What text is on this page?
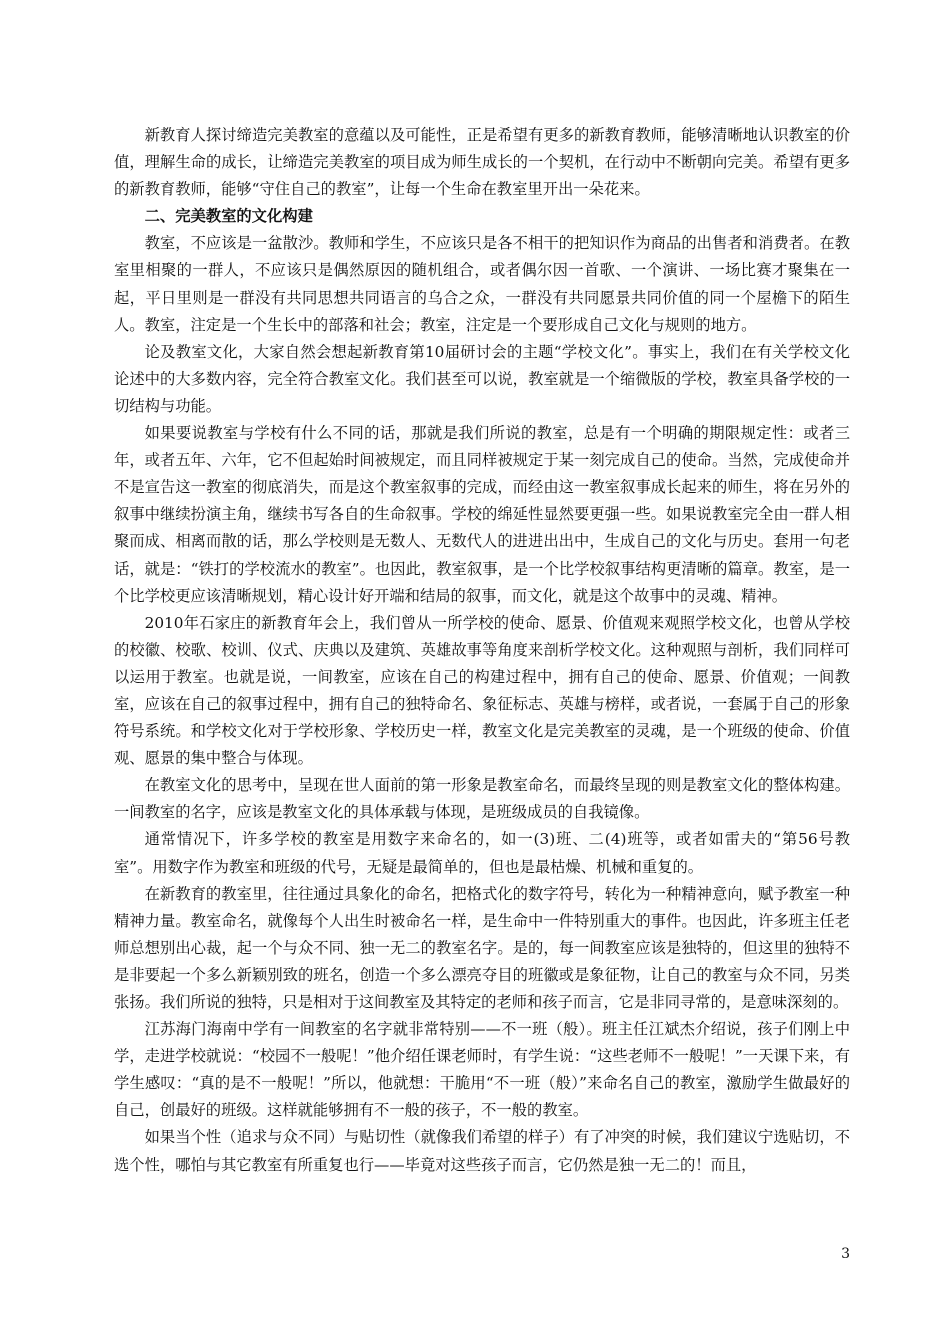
新教育人探讨缔造完美教室的意蕴以及可能性，正是希望有更多的新教育教师，能够清晰地认识教室的价值，理解生命的成长，让缔造完美教室的项目成为师生成长的一个契机，在行动中不断朝向完美。希望有更多的新教育教师，能够“守住自己的教室”，让每一个生命在教室里开出一朵花来。

二、完美教室的文化构建

教室，不应该是一盆散沙。教师和学生，不应该只是各不相干的把知识作为商品的出售者和消费者。在教室里相聚的一群人，不应该只是偶然原因的随机组合，或者偶尔因一首歌、一个演讲、一场比赛才聚集在一起，平日里则是一群没有共同思想共同语言的乌合之众，一群没有共同愿景共同价值的同一个屋檐下的陌生人。教室，注定是一个生长中的部落和社会；教室，注定是一个要形成自己文化与规则的地方。

论及教室文化，大家自然会想起新教育第10届研讨会的主题“学校文化”。事实上，我们在有关学校文化论述中的大多数内容，完全符合教室文化。我们甚至可以说，教室就是一个缩微版的学校，教室具备学校的一切结构与功能。

如果要说教室与学校有什么不同的话，那就是我们所说的教室，总是有一个明确的期限规定性：或者三年，或者五年、六年，它不但起始时间被规定，而且同样被规定于某一刻完成自己的使命。当然，完成使命并不是宣告这一教室的彻底消失，而是这个教室叙事的完成，而经由这一教室叙事成长起来的师生，将在另外的叙事中继续扮演主角，继续书写各自的生命叙事。学校的绵延性显然要更强一些。如果说教室完全由一群人相聚而成、相离而散的话，那么学校则是无数人、无数代人的进进出出中，生成自己的文化与历史。套用一句老话，就是：“铁打的学校流水的教室”。也因此，教室叙事，是一个比学校叙事结构更清晰的篇章。教室，是一个比学校更应该清晰规划，精心设计好开端和结局的叙事，而文化，就是这个故事中的灵魂、精神。

2010年石家庄的新教育年会上，我们曾从一所学校的使命、愿景、价值观来观照学校文化，也曾从学校的校徽、校歌、校训、仪式、庆典以及建筑、英雄故事等角度来剖析学校文化。这种观照与剖析，我们同样可以运用于教室。也就是说，一间教室，应该在自己的构建过程中，拥有自己的使命、愿景、价值观；一间教室，应该在自己的叙事过程中，拥有自己的独特命名、象征标志、英雄与榜样，或者说，一套属于自己的形象符号系统。和学校文化对于学校形象、学校历史一样，教室文化是完美教室的灵魂，是一个班级的使命、价值观、愿景的集中整合与体现。

在教室文化的思考中，呈现在世人面前的第一形象是教室命名，而最终呈现的则是教室文化的整体构建。一间教室的名字，应该是教室文化的具体承载与体现，是班级成员的自我镜像。

通常情况下，许多学校的教室是用数字来命名的，如一(3)班、二(4)班等，或者如雷夫的“第56号教室”。用数字作为教室和班级的代号，无疑是最简单的，但也是最枯燥、机械和重复的。

在新教育的教室里，往往通过具象化的命名，把格式化的数字符号，转化为一种精神意向，赋予教室一种精神力量。教室命名，就像每个人出生时被命名一样，是生命中一件特别重大的事件。也因此，许多班主任老师总想别出心裁，起一个与众不同、独一无二的教室名字。是的，每一间教室应该是独特的，但这里的独特不是非要起一个多么新颖别致的班名，创造一个多么漂亮夺目的班徽或是象征物，让自己的教室与众不同，另类张扬。我们所说的独特，只是相对于这间教室及其特定的老师和孩子而言，它是非同寻常的，是意味深刻的。

江苏海门海南中学有一间教室的名字就非常特别——不一班（般）。班主任江斌杰介绍说，孩子们刚上中学，走进学校就说：“校园不一般呢！”他介绍任课老师时，有学生说：“这些老师不一般呢！”一天课下来，有学生感叹：“真的是不一般呢！”所以，他就想：干脆用“不一班（般）”来命名自己的教室，激励学生做最好的自己，创最好的班级。这样就能够拥有不一般的孩子，不一般的教室。

如果当个性（追求与众不同）与贴切性（就像我们希望的样子）有了冲突的时候，我们建议宁选贴切，不选个性，哪怕与其它教室有所重复也行——毕竟对这些孩子而言，它仍然是独一无二的！而且，

3
